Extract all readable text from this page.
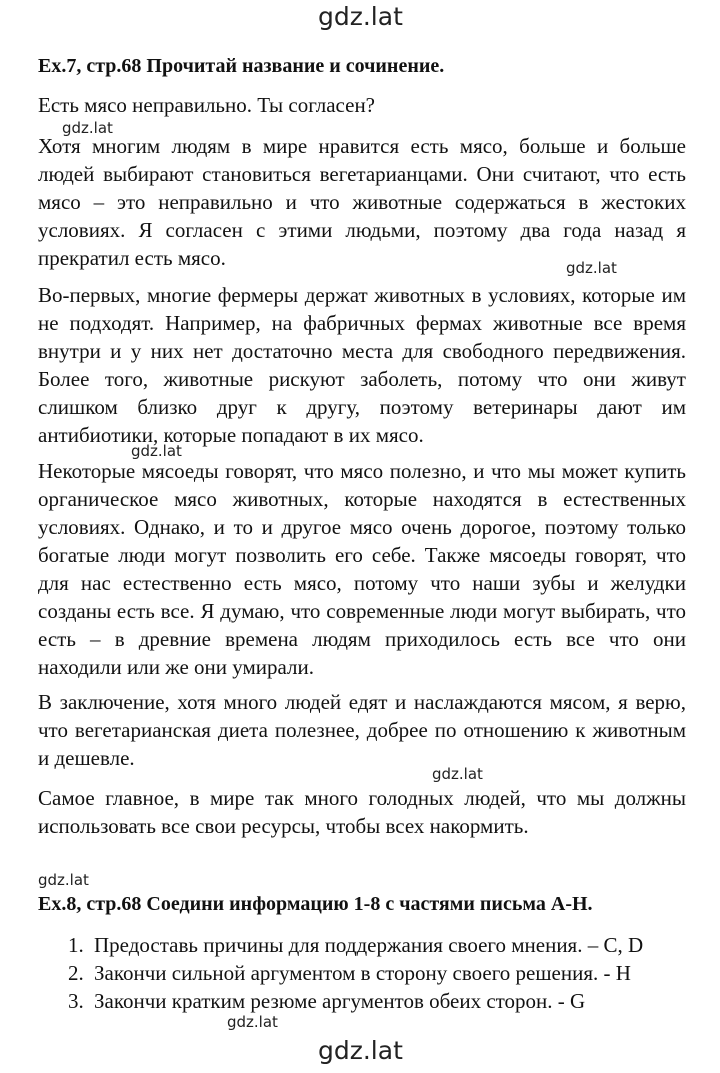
gdz.lat
Ex.7, стр.68 Прочитай название и сочинение.
Есть мясо неправильно. Ты согласен?
gdz.lat
Хотя многим людям в мире нравится есть мясо, больше и больше людей выбирают становиться вегетарианцами. Они считают, что есть мясо – это неправильно и что животные содержаться в жестоких условиях. Я согласен с этими людьми, поэтому два года назад я прекратил есть мясо.	gdz.lat
Во-первых, многие фермеры держат животных в условиях, которые им не подходят. Например, на фабричных фермах животные все время внутри и у них нет достаточно места для свободного передвижения. Более того, животные рискуют заболеть, потому что они живут слишком близко друг к другу, поэтому ветеринары дают им антибиотики, которые попадают в их мясо.
gdz.lat
Некоторые мясоеды говорят, что мясо полезно, и что мы может купить органическое мясо животных, которые находятся в естественных условиях. Однако, и то и другое мясо очень дорогое, поэтому только богатые люди могут позволить его себе. Также мясоеды говорят, что для нас естественно есть мясо, потому что наши зубы и желудки созданы есть все. Я думаю, что современные люди могут выбирать, что есть – в древние времена людям приходилось есть все что они находили или же они умирали.
В заключение, хотя много людей едят и наслаждаются мясом, я верю, что вегетарианская диета полезнее, добрее по отношению к животным и дешевле.
gdz.lat
Самое главное, в мире так много голодных людей, что мы должны использовать все свои ресурсы, чтобы всех накормить.
gdz.lat
Ex.8, стр.68 Соедини информацию 1-8 с частями письма A-H.
1. Предоставь причины для поддержания своего мнения. – C, D
2. Закончи сильной аргументом в сторону своего решения. - H
3. Закончи кратким резюме аргументов обеих сторон. - G
gdz.lat
gdz.lat
